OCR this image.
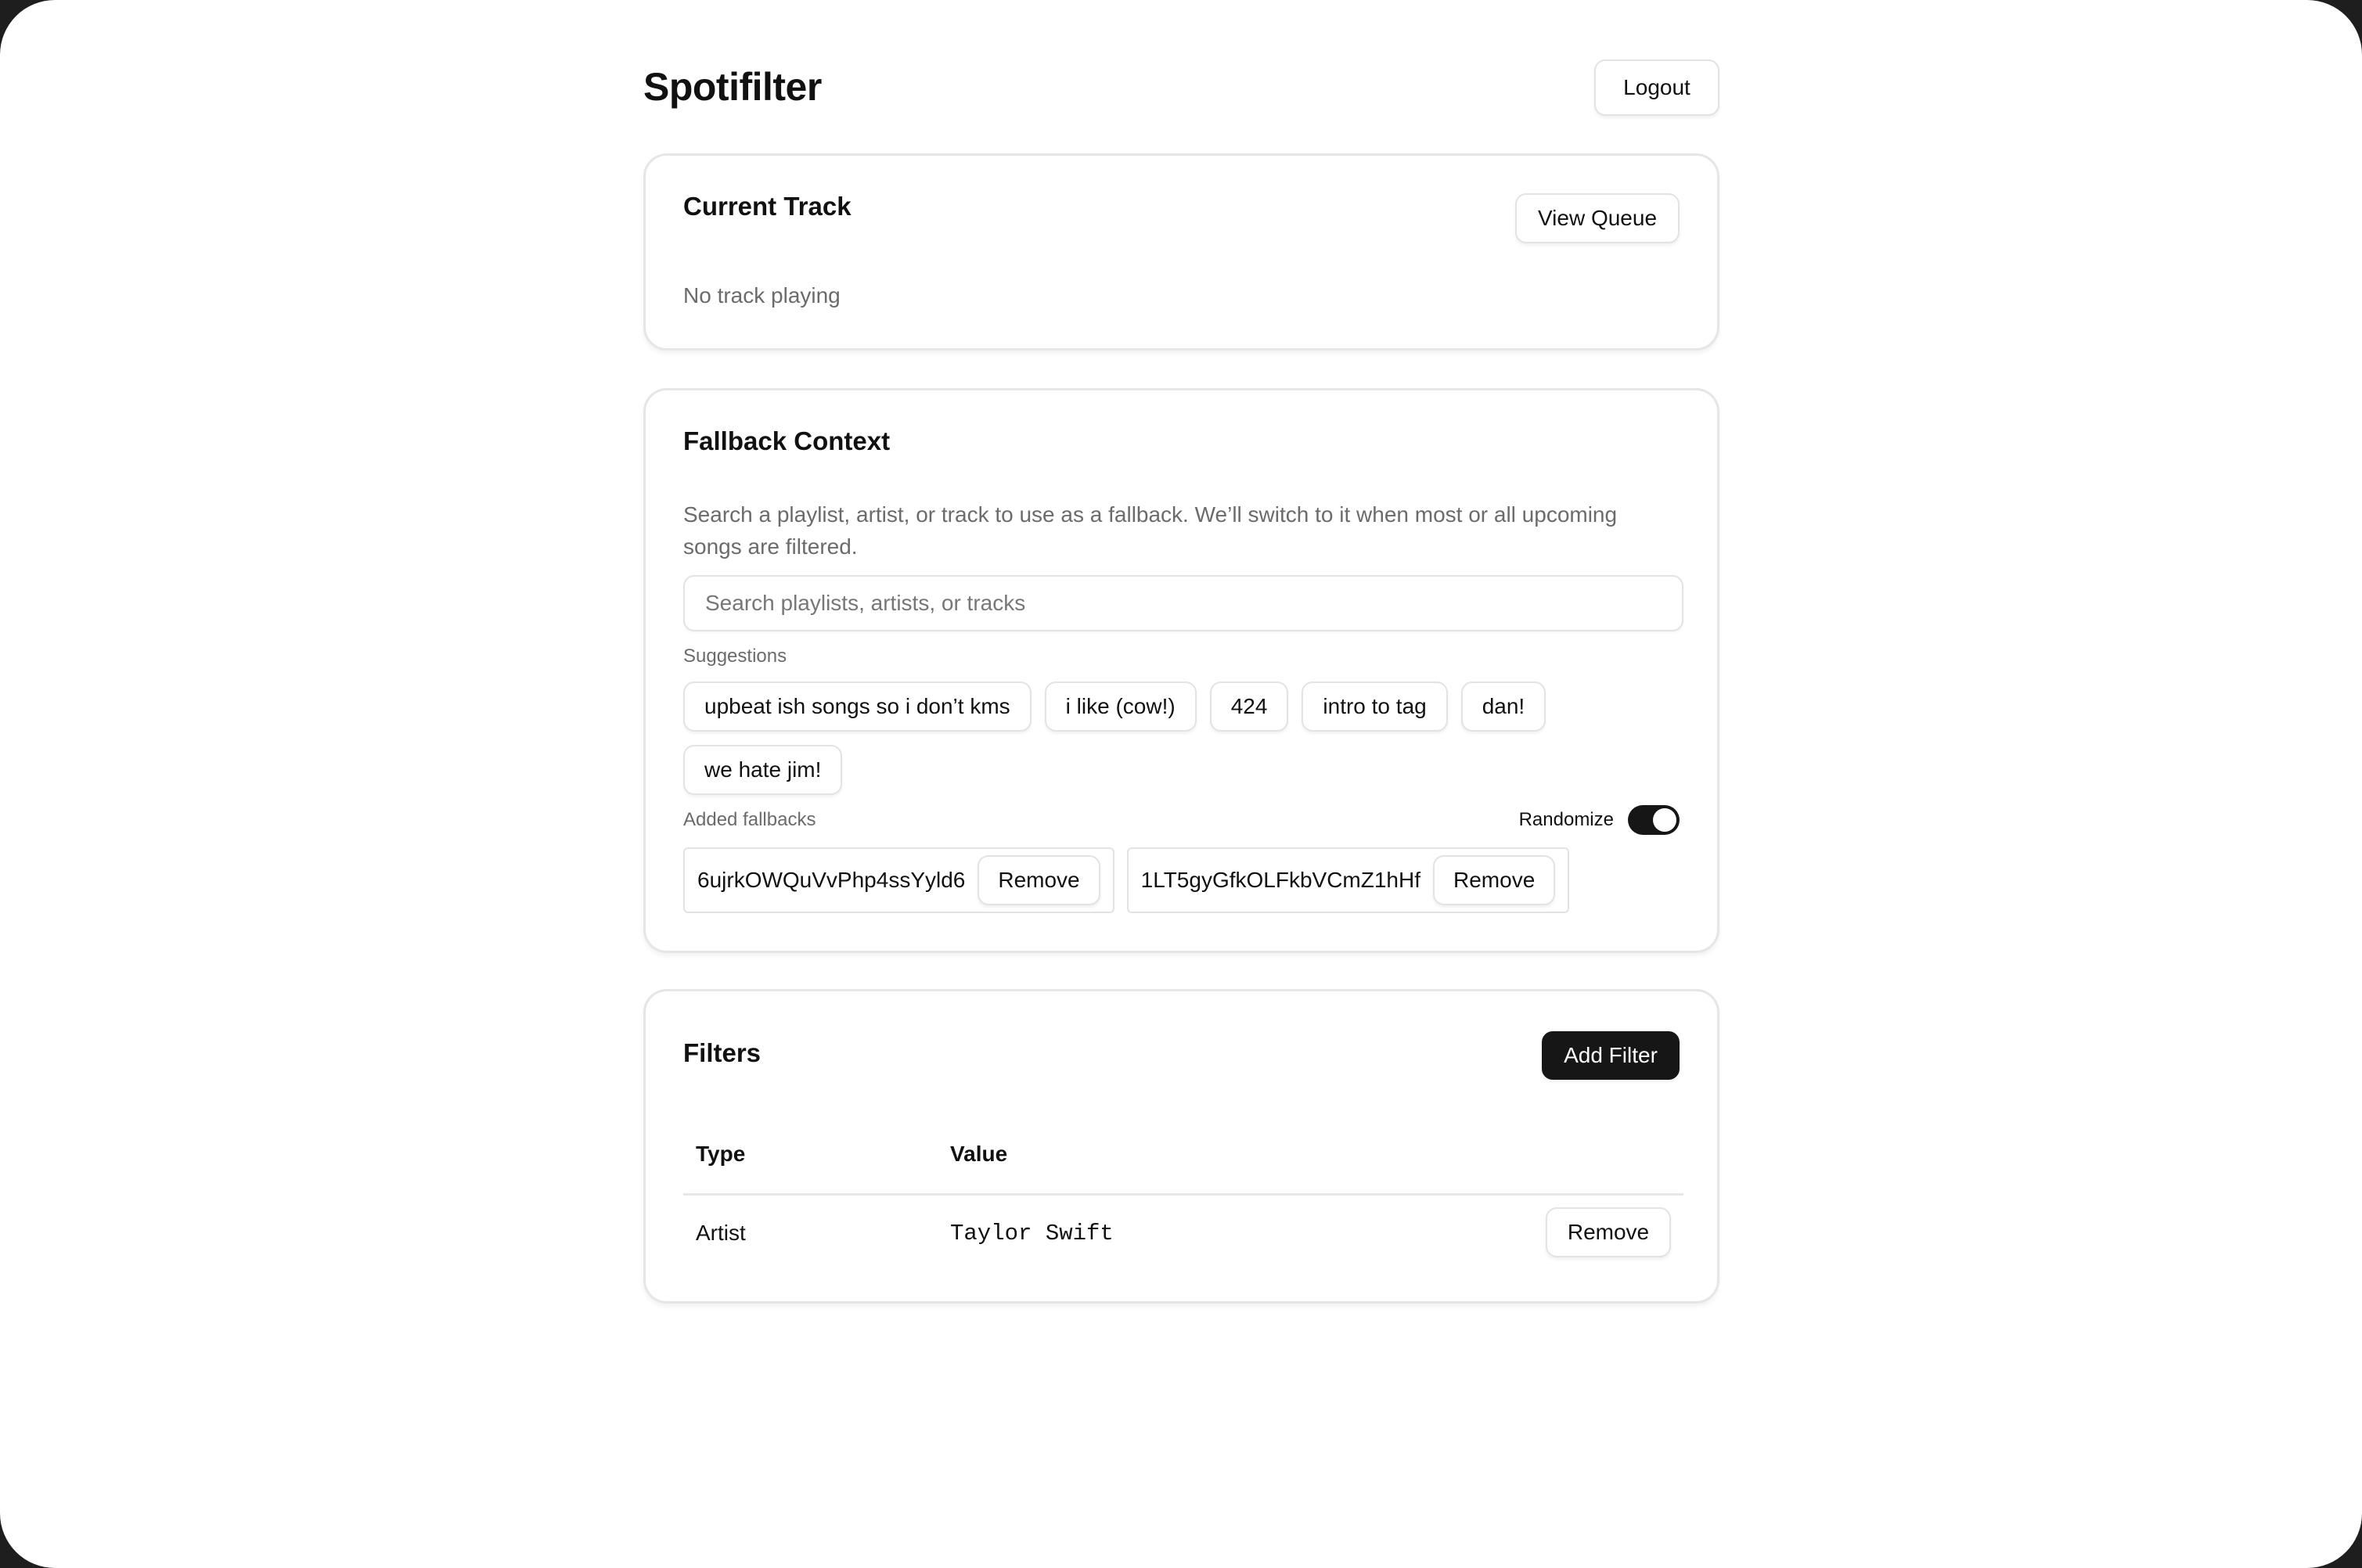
Spotifilter	Logout
Current Track	View Queue
No track playing
Fallback Context
Search a playlist, artist, or track to use as a fallback. We’ll switch to it when most or all upcoming songs are filtered.
Search playlists, artists, or tracks
Suggestions
upbeat ish songs so i don’t kms	i like (cow!)	424	intro to tag	dan!
we hate jim!
Added fallbacks	Randomize
6ujrkOWQuVvPhp4ssYyld6	Remove	1LT5gyGfkOLFkbVCmZ1hHf	Remove
Filters	Add Filter
Type	Value
Artist	Taylor Swift	Remove
